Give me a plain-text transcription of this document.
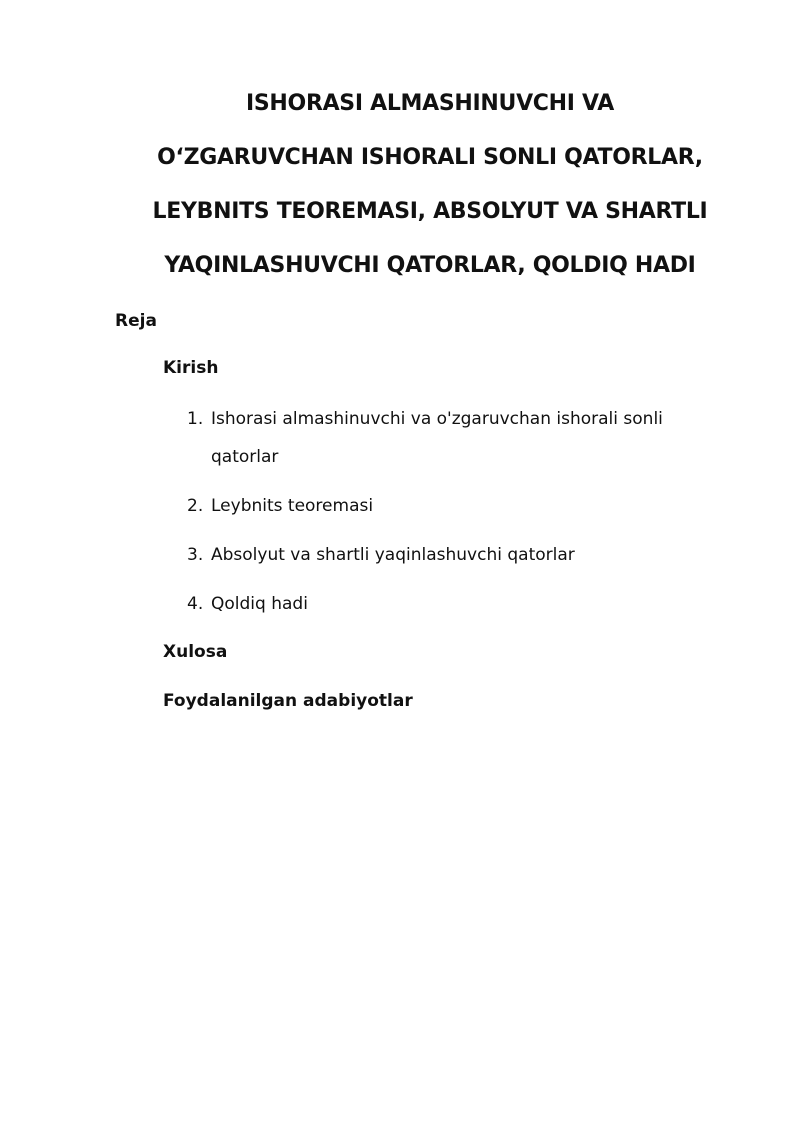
ISHORASI ALMASHINUVCHI VA
O‘ZGARUVCHAN ISHORALI SONLI QATORLAR,
LEYBNITS TEOREMASI, ABSOLYUT VA SHARTLI
YAQINLASHUVCHI QATORLAR, QOLDIQ HADI
Reja
Kirish
1. Ishorasi almashinuvchi va o'zgaruvchan ishorali sonli qatorlar
2. Leybnits teoremasi
3. Absolyut va shartli yaqinlashuvchi qatorlar
4. Qoldiq hadi
Xulosa
Foydalanilgan adabiyotlar
